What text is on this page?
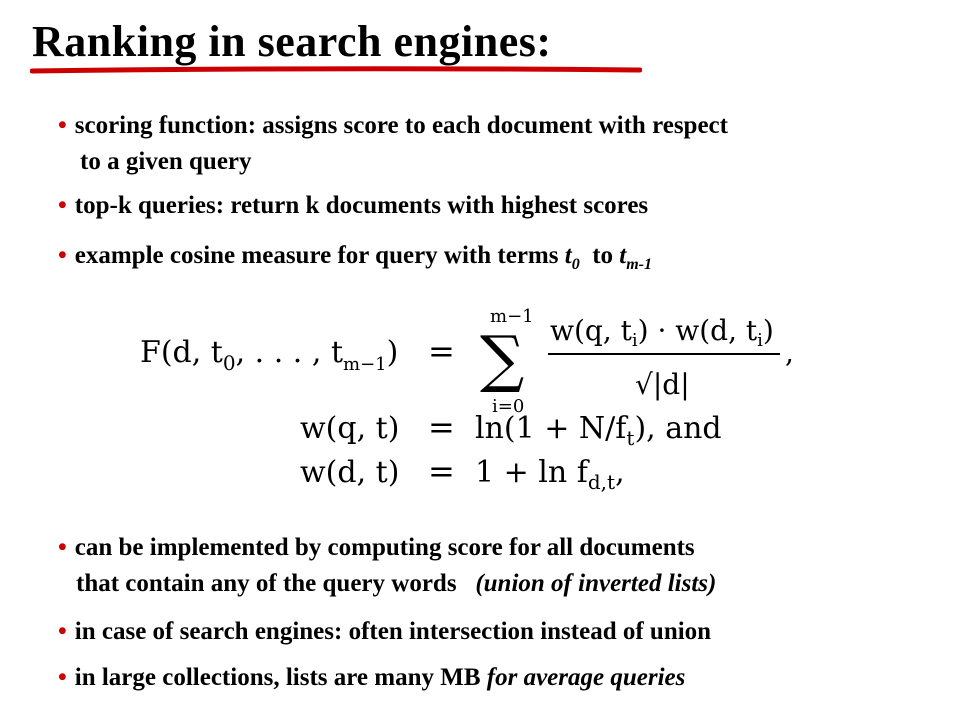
Ranking in search engines:
• scoring function: assigns score to each document with respect
to a given query
• top-k queries: return k documents with highest scores
• example cosine measure for query with terms $t_0$ to $t_{m-1}$
F(d, $t_0$, . . . , $t_{m-1}$) =
m−1
∑
i=0
w(q, $t_i) \cdot w(d$, $t_i$)
√|d|
,
w(q, $t) = \ln(1 + N/f_t)$, and
w(d, $t) = 1 + \ln f_{d,t}$,
• can be implemented by computing score for all documents
that contain any of the query words (union of inverted lists)
• in case of search engines: often intersection instead of union
• in large collections, lists are many MB for average queries
